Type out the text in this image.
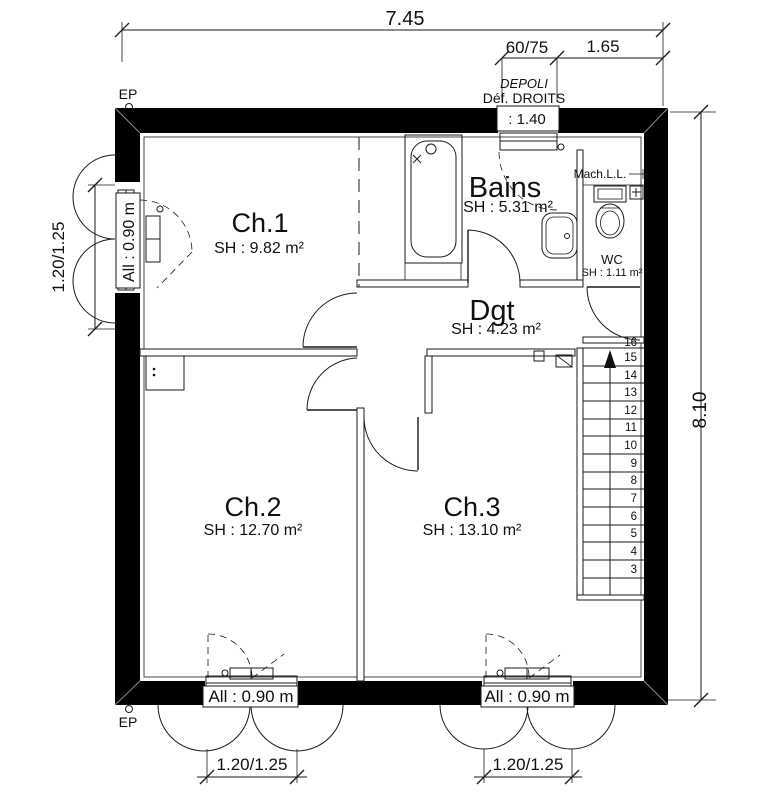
7.45
60/75 1.65
DEPOLI
Déf. DROITS
8.10
1.20/1.25
1.20/1.25	1.20/1.25
EP
EP
All : 0.90 m
: 1.40
All : 0.90 m	All : 0.90 m
16
15
14
13
12
11
10
9
8
7
6
5
4
3
Ch.1
SH : 9.82 m²
Bains
SH : 5.31 m²
Mach.L.L.
WC
SH : 1.11 m²
Dgt
SH : 4.23 m²
Ch.2
SH : 12.70 m²
Ch.3
SH : 13.10 m²
